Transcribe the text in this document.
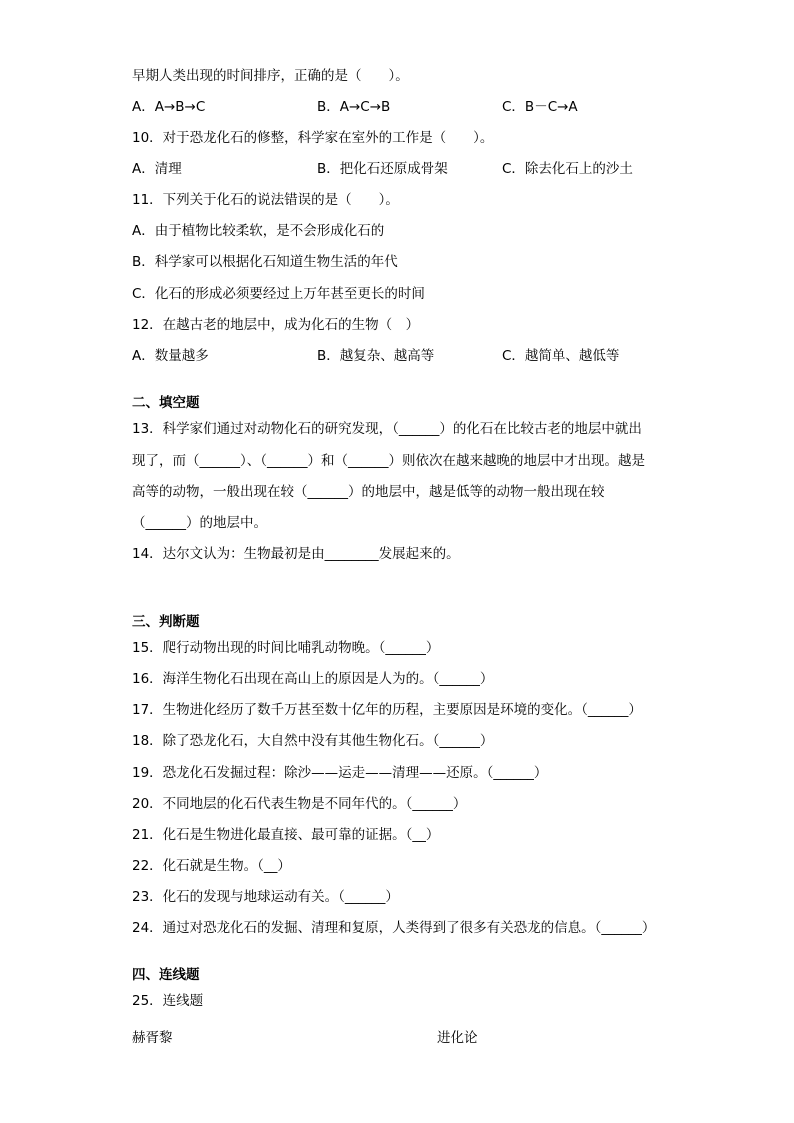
早期人类出现的时间排序，正确的是（　　）。
A．A→B→C	B．A→C→B	C．B－C→A
10．对于恐龙化石的修整，科学家在室外的工作是（　　）。
A．清理	B．把化石还原成骨架	C．除去化石上的沙土
11．下列关于化石的说法错误的是（　　）。
A．由于植物比较柔软，是不会形成化石的
B．科学家可以根据化石知道生物生活的年代
C．化石的形成必须要经过上万年甚至更长的时间
12．在越古老的地层中，成为化石的生物（　）
A．数量越多	B．越复杂、越高等	C．越简单、越低等
二、填空题
13．科学家们通过对动物化石的研究发现，（______）的化石在比较古老的地层中就出
现了，而（______）、（______）和（______）则依次在越来越晚的地层中才出现。越是
高等的动物，一般出现在较（______）的地层中，越是低等的动物一般出现在较
（______）的地层中。
14．达尔文认为：生物最初是由________发展起来的。
三、判断题
15．爬行动物出现的时间比哺乳动物晚。（______）
16．海洋生物化石出现在高山上的原因是人为的。（______）
17．生物进化经历了数千万甚至数十亿年的历程，主要原因是环境的变化。（______）
18．除了恐龙化石，大自然中没有其他生物化石。（______）
19．恐龙化石发掘过程：除沙——运走——清理——还原。（______）
20．不同地层的化石代表生物是不同年代的。（______）
21．化石是生物进化最直接、最可靠的证据。（__）
22．化石就是生物。（__）
23．化石的发现与地球运动有关。（______）
24．通过对恐龙化石的发掘、清理和复原，人类得到了很多有关恐龙的信息。（______）
四、连线题
25．连线题
赫胥黎	进化论
